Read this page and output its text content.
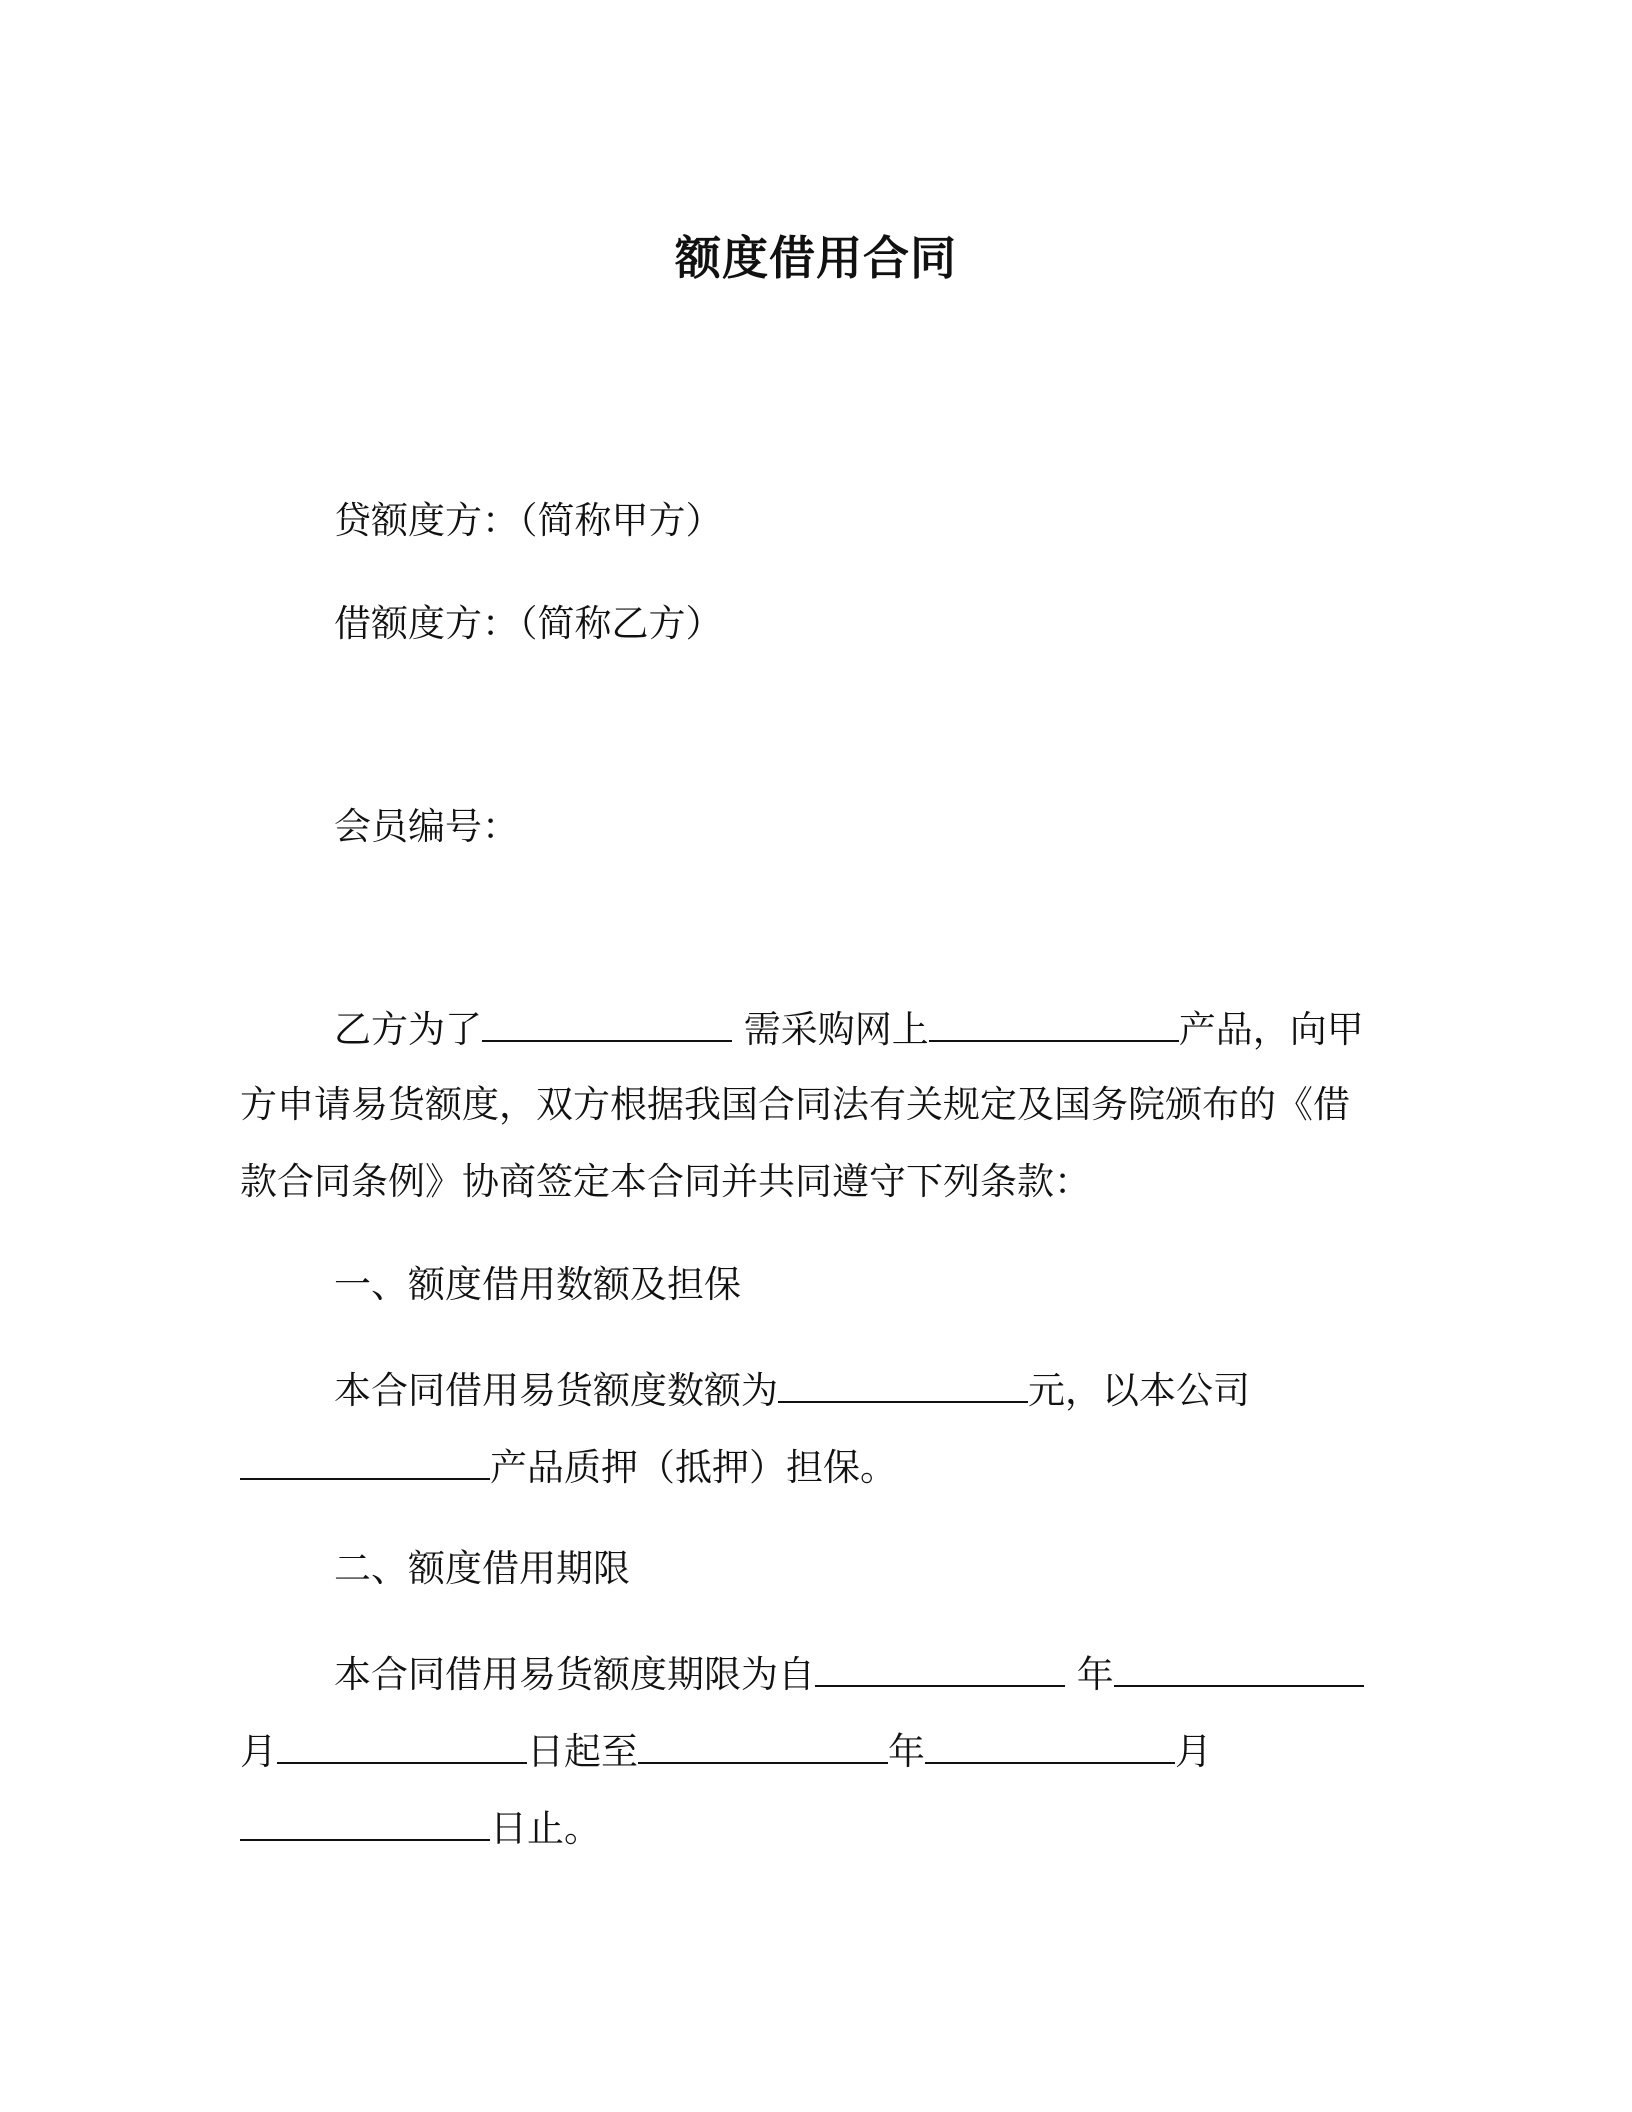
额度借用合同
贷额度方：（简称甲方）
借额度方：（简称乙方）
会员编号：
乙方为了	需采购网上	产品，向甲
方申请易货额度，双方根据我国合同法有关规定及国务院颁布的《借
款合同条例》协商签定本合同并共同遵守下列条款：
一、额度借用数额及担保
本合同借用易货额度数额为	元，以本公司
产品质押（抵押）担保。
二、额度借用期限
本合同借用易货额度期限为自	年
月	日起至	年	月
日止。
